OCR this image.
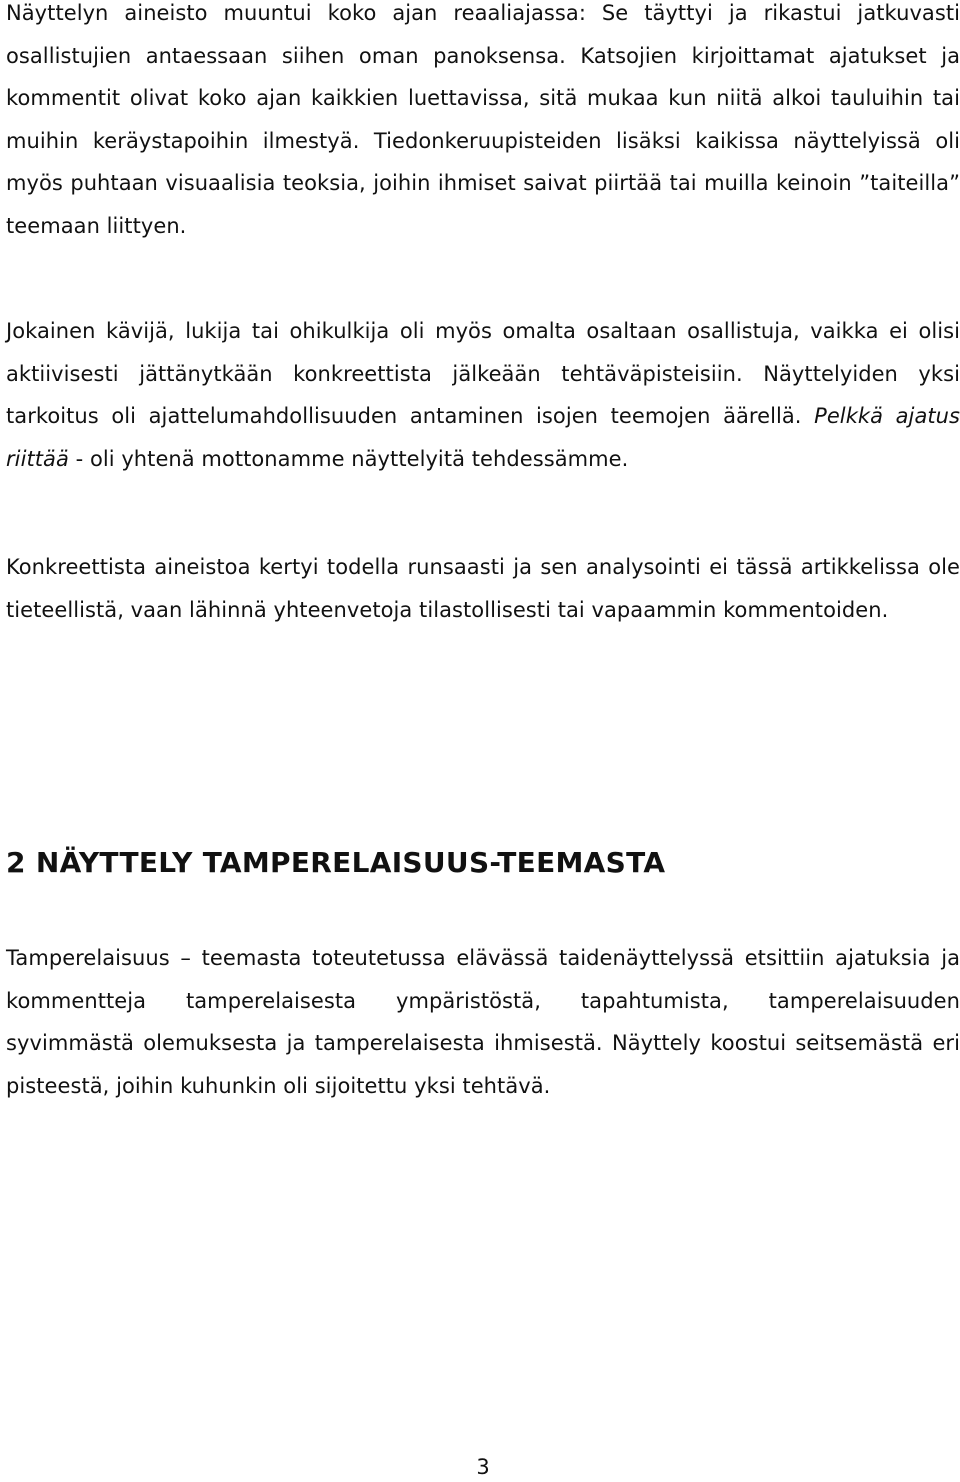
Näyttelyn aineisto muuntui koko ajan reaaliajassa: Se täyttyi ja rikastui jatkuvasti osallistujien antaessaan siihen oman panoksensa. Katsojien kirjoittamat ajatukset ja kommentit olivat koko ajan kaikkien luettavissa, sitä mukaa kun niitä alkoi tauluihin tai muihin keräystapoihin ilmestyä. Tiedonkeruupisteiden lisäksi kaikissa näyttelyissä oli myös puhtaan visuaalisia teoksia, joihin ihmiset saivat piirtää tai muilla keinoin ”taiteilla” teemaan liittyen.

Jokainen kävijä, lukija tai ohikulkija oli myös omalta osaltaan osallistuja, vaikka ei olisi aktiivisesti jättänytkään konkreettista jälkeään tehtäväpisteisiin. Näyttelyiden yksi tarkoitus oli ajattelumahdollisuuden antaminen isojen teemojen äärellä. Pelkkä ajatus riittää - oli yhtenä mottonamme näyttelyitä tehdessämme.

Konkreettista aineistoa kertyi todella runsaasti ja sen analysointi ei tässä artikkelissa ole tieteellistä, vaan lähinnä yhteenvetoja tilastollisesti tai vapaammin kommentoiden.

2 NÄYTTELY TAMPERELAISUUS-TEEMASTA

Tamperelaisuus – teemasta toteutetussa elävässä taidenäyttelyssä etsittiin ajatuksia ja kommentteja tamperelaisesta ympäristöstä, tapahtumista, tamperelaisuuden syvimmästä olemuksesta ja tamperelaisesta ihmisestä. Näyttely koostui seitsemästä eri pisteestä, joihin kuhunkin oli sijoitettu yksi tehtävä.

3
